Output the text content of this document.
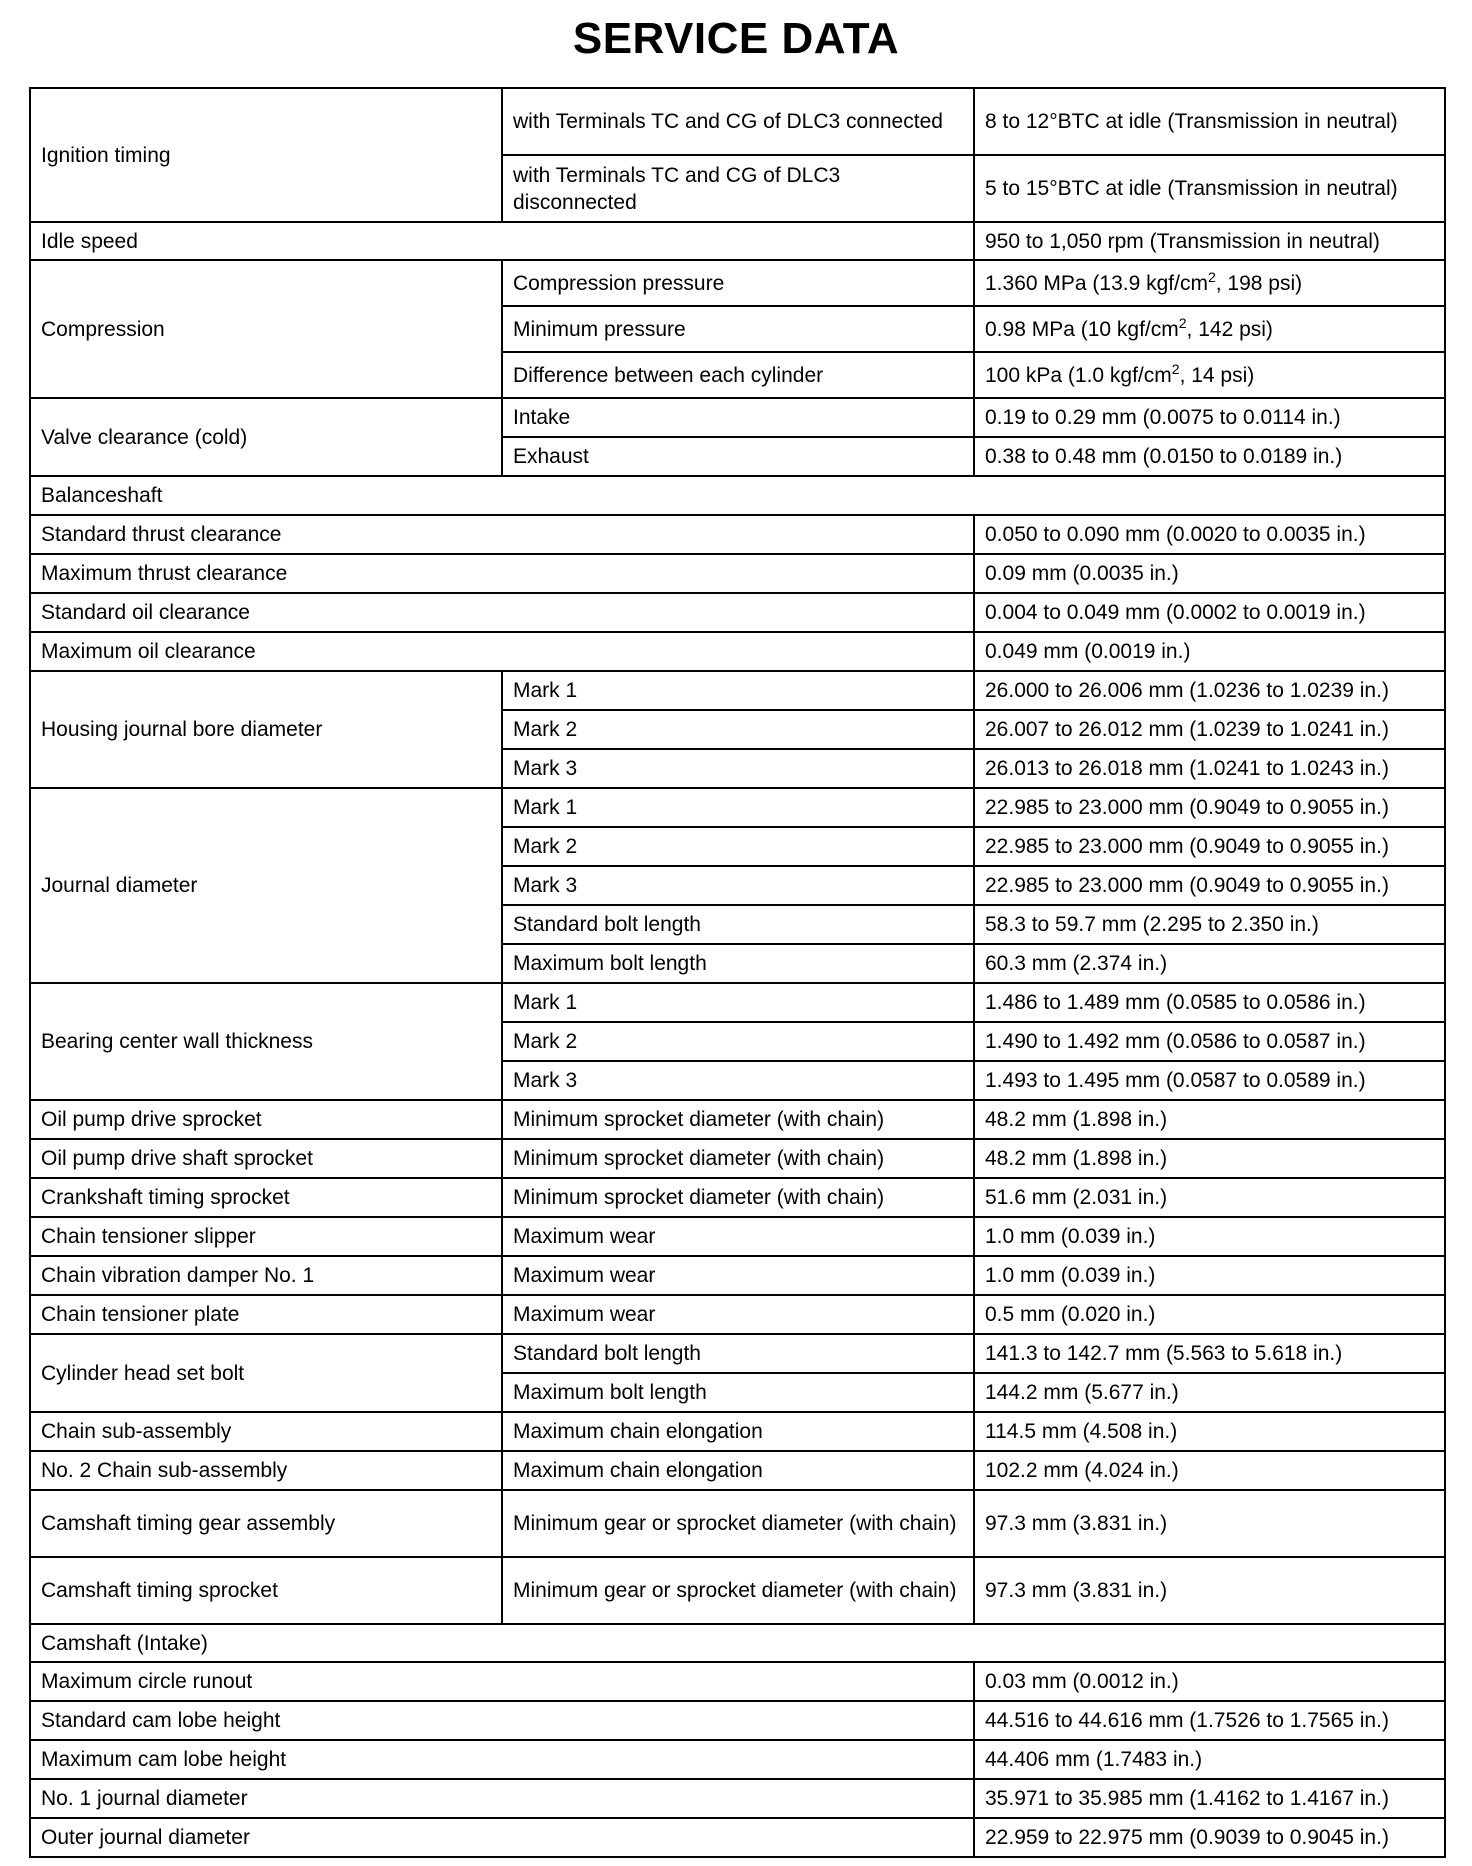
SERVICE DATA
Ignition timing	with Terminals TC and CG of DLC3 connected	8 to 12°BTC at idle (Transmission in neutral)
	with Terminals TC and CG of DLC3 disconnected	5 to 15°BTC at idle (Transmission in neutral)
Idle speed		950 to 1,050 rpm (Transmission in neutral)
Compression	Compression pressure	1.360 MPa (13.9 kgf/$cm^2$, 198 psi)
	Minimum pressure	0.98 MPa (10 kgf/$cm^2$, 142 psi)
	Difference between each cylinder	100 kPa (1.0 kgf/$cm^2$, 14 psi)
Valve clearance (cold)	Intake	0.19 to 0.29 mm (0.0075 to 0.0114 in.)
	Exhaust	0.38 to 0.48 mm (0.0150 to 0.0189 in.)
Balanceshaft		
Standard thrust clearance		0.050 to 0.090 mm (0.0020 to 0.0035 in.)
Maximum thrust clearance		0.09 mm (0.0035 in.)
Standard oil clearance		0.004 to 0.049 mm (0.0002 to 0.0019 in.)
Maximum oil clearance		0.049 mm (0.0019 in.)
Housing journal bore diameter	Mark 1	26.000 to 26.006 mm (1.0236 to 1.0239 in.)
	Mark 2	26.007 to 26.012 mm (1.0239 to 1.0241 in.)
	Mark 3	26.013 to 26.018 mm (1.0241 to 1.0243 in.)
Journal diameter	Mark 1	22.985 to 23.000 mm (0.9049 to 0.9055 in.)
	Mark 2	22.985 to 23.000 mm (0.9049 to 0.9055 in.)
	Mark 3	22.985 to 23.000 mm (0.9049 to 0.9055 in.)
	Standard bolt length	58.3 to 59.7 mm (2.295 to 2.350 in.)
	Maximum bolt length	60.3 mm (2.374 in.)
Bearing center wall thickness	Mark 1	1.486 to 1.489 mm (0.0585 to 0.0586 in.)
	Mark 2	1.490 to 1.492 mm (0.0586 to 0.0587 in.)
	Mark 3	1.493 to 1.495 mm (0.0587 to 0.0589 in.)
Oil pump drive sprocket	Minimum sprocket diameter (with chain)	48.2 mm (1.898 in.)
Oil pump drive shaft sprocket	Minimum sprocket diameter (with chain)	48.2 mm (1.898 in.)
Crankshaft timing sprocket	Minimum sprocket diameter (with chain)	51.6 mm (2.031 in.)
Chain tensioner slipper	Maximum wear	1.0 mm (0.039 in.)
Chain vibration damper No. 1	Maximum wear	1.0 mm (0.039 in.)
Chain tensioner plate	Maximum wear	0.5 mm (0.020 in.)
Cylinder head set bolt	Standard bolt length	141.3 to 142.7 mm (5.563 to 5.618 in.)
	Maximum bolt length	144.2 mm (5.677 in.)
Chain sub-assembly	Maximum chain elongation	114.5 mm (4.508 in.)
No. 2 Chain sub-assembly	Maximum chain elongation	102.2 mm (4.024 in.)
Camshaft timing gear assembly	Minimum gear or sprocket diameter (with chain)	97.3 mm (3.831 in.)
Camshaft timing sprocket	Minimum gear or sprocket diameter (with chain)	97.3 mm (3.831 in.)
Camshaft (Intake)		
Maximum circle runout		0.03 mm (0.0012 in.)
Standard cam lobe height		44.516 to 44.616 mm (1.7526 to 1.7565 in.)
Maximum cam lobe height		44.406 mm (1.7483 in.)
No. 1 journal diameter		35.971 to 35.985 mm (1.4162 to 1.4167 in.)
Outer journal diameter		22.959 to 22.975 mm (0.9039 to 0.9045 in.)
